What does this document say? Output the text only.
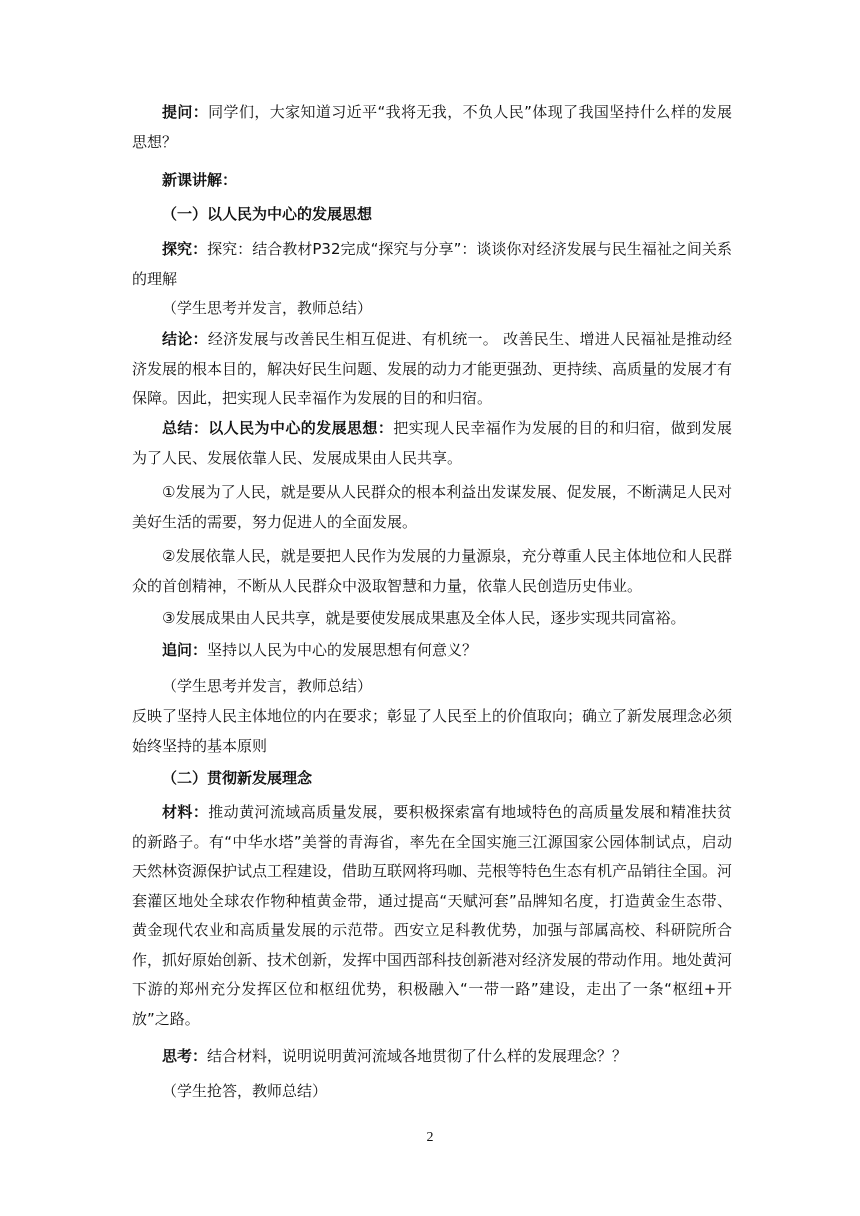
提问：同学们，大家知道习近平“我将无我，不负人民”体现了我国坚持什么样的发展思想？

新课讲解：

（一）以人民为中心的发展思想

探究：探究：结合教材P32完成“探究与分享”：谈谈你对经济发展与民生福祉之间关系的理解

（学生思考并发言，教师总结）

结论：经济发展与改善民生相互促进、有机统一。 改善民生、增进人民福祉是推动经济发展的根本目的，解决好民生问题、发展的动力才能更强劲、更持续、高质量的发展才有保障。因此，把实现人民幸福作为发展的目的和归宿。

总结：以人民为中心的发展思想：把实现人民幸福作为发展的目的和归宿，做到发展为了人民、发展依靠人民、发展成果由人民共享。

①发展为了人民，就是要从人民群众的根本利益出发谋发展、促发展，不断满足人民对美好生活的需要，努力促进人的全面发展。

②发展依靠人民，就是要把人民作为发展的力量源泉，充分尊重人民主体地位和人民群众的首创精神，不断从人民群众中汲取智慧和力量，依靠人民创造历史伟业。

③发展成果由人民共享，就是要使发展成果惠及全体人民，逐步实现共同富裕。

追问：坚持以人民为中心的发展思想有何意义？

（学生思考并发言，教师总结）

反映了坚持人民主体地位的内在要求；彰显了人民至上的价值取向；确立了新发展理念必须始终坚持的基本原则

（二）贯彻新发展理念

材料：推动黄河流域高质量发展，要积极探索富有地域特色的高质量发展和精准扶贫的新路子。有“中华水塔”美誉的青海省，率先在全国实施三江源国家公园体制试点，启动天然林资源保护试点工程建设，借助互联网将玛咖、芫根等特色生态有机产品销往全国。河套灌区地处全球农作物种植黄金带，通过提高“天赋河套”品牌知名度，打造黄金生态带、黄金现代农业和高质量发展的示范带。西安立足科教优势，加强与部属高校、科研院所合作，抓好原始创新、技术创新，发挥中国西部科技创新港对经济发展的带动作用。地处黄河下游的郑州充分发挥区位和枢纽优势，积极融入“一带一路”建设，走出了一条“枢纽+开放”之路。

思考：结合材料，说明说明黄河流域各地贯彻了什么样的发展理念？？

（学生抢答，教师总结）

2
